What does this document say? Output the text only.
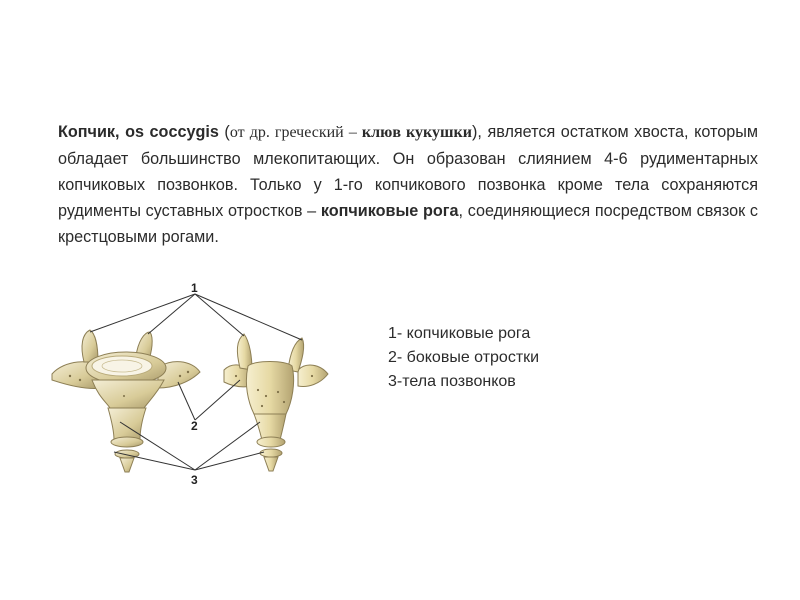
Копчик, os coccygis (от др. греческий – клюв кукушки), является остатком хвоста, которым обладает большинство млекопитающих. Он образован слиянием 4-6 рудиментарных копчиковых позвонков. Только у 1-го копчикового позвонка кроме тела сохраняются рудименты суставных отростков – копчиковые рога, соединяющиеся посредством связок с крестцовыми рогами.

1
2
3
1- копчиковые рога
2- боковые отростки
3-тела позвонков
